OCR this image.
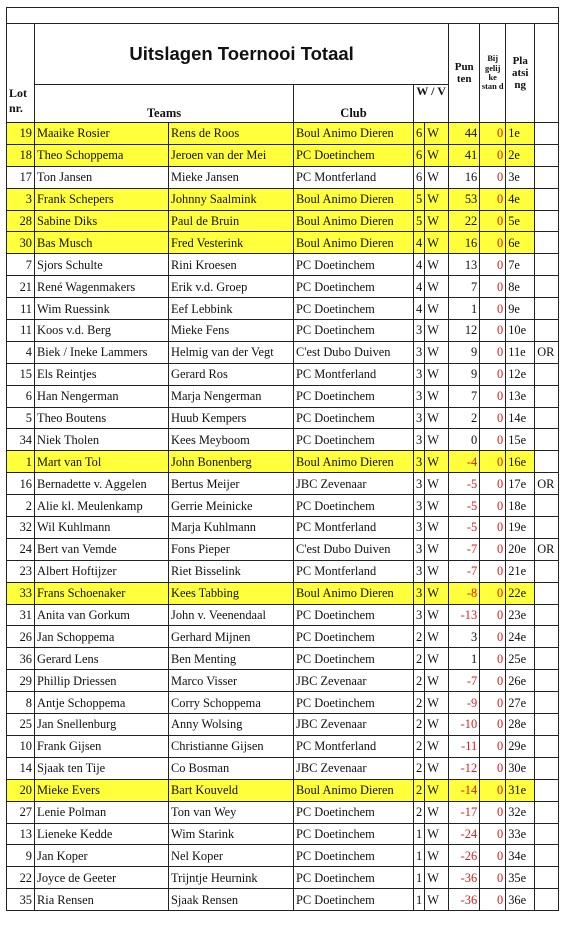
Lot nr.	Uitslagen Toernooi Totaal					Pun ten	Bij gelij ke stan d	Pla atsi ng	
	Teams		Club	W / V					
19	Maaike Rosier	Rens de Roos	Boul Animo Dieren	6	W	44	0	1e	
18	Theo Schoppema	Jeroen van der Mei	PC Doetinchem	6	W	41	0	2e	
17	Ton Jansen	Mieke Jansen	PC Montferland	6	W	16	0	3e	
3	Frank Schepers	Johnny Saalmink	Boul Animo Dieren	5	W	53	0	4e	
28	Sabine Diks	Paul de Bruin	Boul Animo Dieren	5	W	22	0	5e	
30	Bas Musch	Fred Vesterink	Boul Animo Dieren	4	W	16	0	6e	
7	Sjors Schulte	Rini Kroesen	PC Doetinchem	4	W	13	0	7e	
21	René Wagenmakers	Erik v.d. Groep	PC Doetinchem	4	W	7	0	8e	
11	Wim Ruessink	Eef Lebbink	PC Doetinchem	4	W	1	0	9e	
11	Koos v.d. Berg	Mieke Fens	PC Doetinchem	3	W	12	0	10e	
4	Biek / Ineke Lammers	Helmig van der Vegt	C'est Dubo Duiven	3	W	9	0	11e	OR
15	Els Reintjes	Gerard Ros	PC Montferland	3	W	9	0	12e	
6	Han Nengerman	Marja Nengerman	PC Doetinchem	3	W	7	0	13e	
5	Theo Boutens	Huub Kempers	PC Doetinchem	3	W	2	0	14e	
34	Niek Tholen	Kees Meyboom	PC Doetinchem	3	W	0	0	15e	
1	Mart van Tol	John Bonenberg	Boul Animo Dieren	3	W	-4	0	16e	
16	Bernadette v. Aggelen	Bertus Meijer	JBC Zevenaar	3	W	-5	0	17e	OR
2	Alie kl. Meulenkamp	Gerrie Meinicke	PC Doetinchem	3	W	-5	0	18e	
32	Wil Kuhlmann	Marja Kuhlmann	PC Montferland	3	W	-5	0	19e	
24	Bert van Vemde	Fons Pieper	C'est Dubo Duiven	3	W	-7	0	20e	OR
23	Albert Hoftijzer	Riet Bisselink	PC Montferland	3	W	-7	0	21e	
33	Frans Schoenaker	Kees Tabbing	Boul Animo Dieren	3	W	-8	0	22e	
31	Anita van Gorkum	John v. Veenendaal	PC Doetinchem	3	W	-13	0	23e	
26	Jan Schoppema	Gerhard Mijnen	PC Doetinchem	2	W	3	0	24e	
36	Gerard Lens	Ben Menting	PC Doetinchem	2	W	1	0	25e	
29	Phillip Driessen	Marco Visser	JBC Zevenaar	2	W	-7	0	26e	
8	Antje Schoppema	Corry Schoppema	PC Doetinchem	2	W	-9	0	27e	
25	Jan Snellenburg	Anny Wolsing	JBC Zevenaar	2	W	-10	0	28e	
10	Frank Gijsen	Christianne Gijsen	PC Montferland	2	W	-11	0	29e	
14	Sjaak ten Tije	Co Bosman	JBC Zevenaar	2	W	-12	0	30e	
20	Mieke Evers	Bart Kouveld	Boul Animo Dieren	2	W	-14	0	31e	
27	Lenie Polman	Ton van Wey	PC Doetinchem	2	W	-17	0	32e	
13	Lieneke Kedde	Wim Starink	PC Doetinchem	1	W	-24	0	33e	
9	Jan Koper	Nel Koper	PC Doetinchem	1	W	-26	0	34e	
22	Joyce de Geeter	Trijntje Heurnink	PC Doetinchem	1	W	-36	0	35e	
35	Ria Rensen	Sjaak Rensen	PC Doetinchem	1	W	-36	0	36e	
